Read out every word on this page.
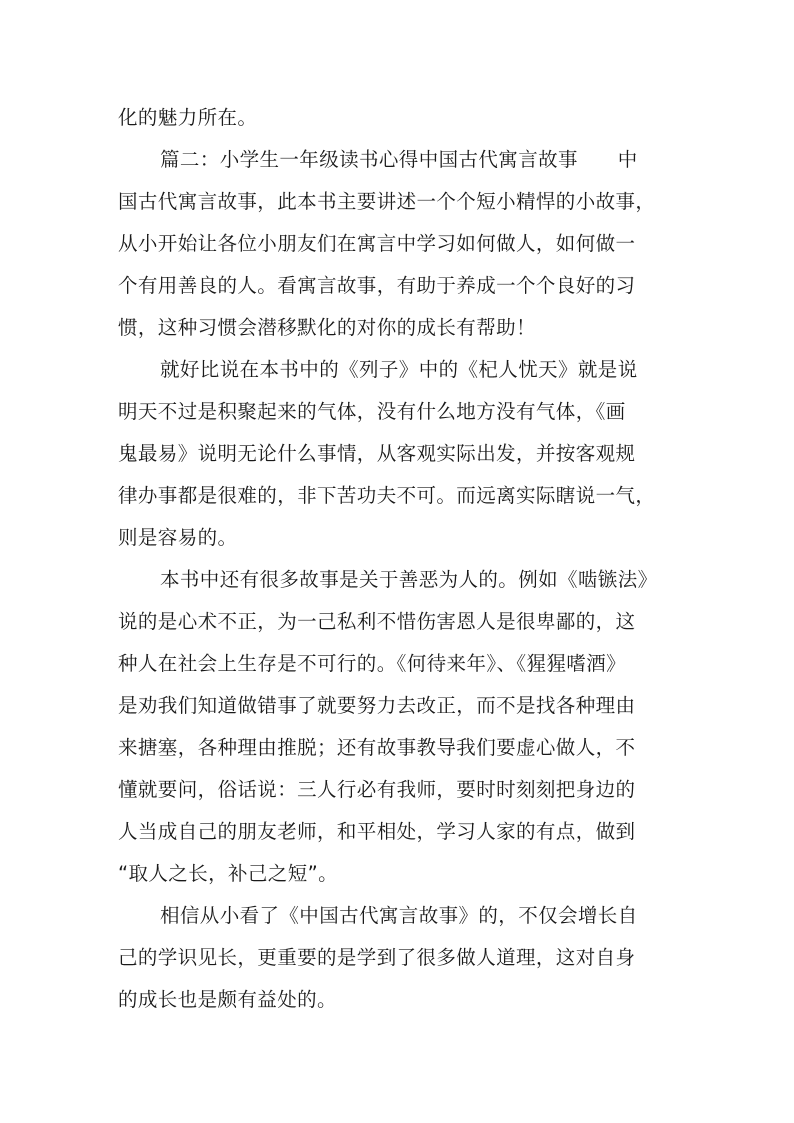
化的魅力所在。
篇二：小学生一年级读书心得中国古代寓言故事　　中
国古代寓言故事，此本书主要讲述一个个短小精悍的小故事，
从小开始让各位小朋友们在寓言中学习如何做人，如何做一
个有用善良的人。看寓言故事，有助于养成一个个良好的习
惯，这种习惯会潜移默化的对你的成长有帮助！
就好比说在本书中的《列子》中的《杞人忧天》就是说
明天不过是积聚起来的气体，没有什么地方没有气体，《画
鬼最易》说明无论什么事情，从客观实际出发，并按客观规
律办事都是很难的，非下苦功夫不可。而远离实际瞎说一气，
则是容易的。
本书中还有很多故事是关于善恶为人的。例如《啮镞法》
说的是心术不正，为一己私利不惜伤害恩人是很卑鄙的，这
种人在社会上生存是不可行的。《何待来年》、《猩猩嗜酒》
是劝我们知道做错事了就要努力去改正，而不是找各种理由
来搪塞，各种理由推脱；还有故事教导我们要虚心做人，不
懂就要问，俗话说：三人行必有我师，要时时刻刻把身边的
人当成自己的朋友老师，和平相处，学习人家的有点，做到
“取人之长，补己之短”。
相信从小看了《中国古代寓言故事》的，不仅会增长自
己的学识见长，更重要的是学到了很多做人道理，这对自身
的成长也是颇有益处的。
